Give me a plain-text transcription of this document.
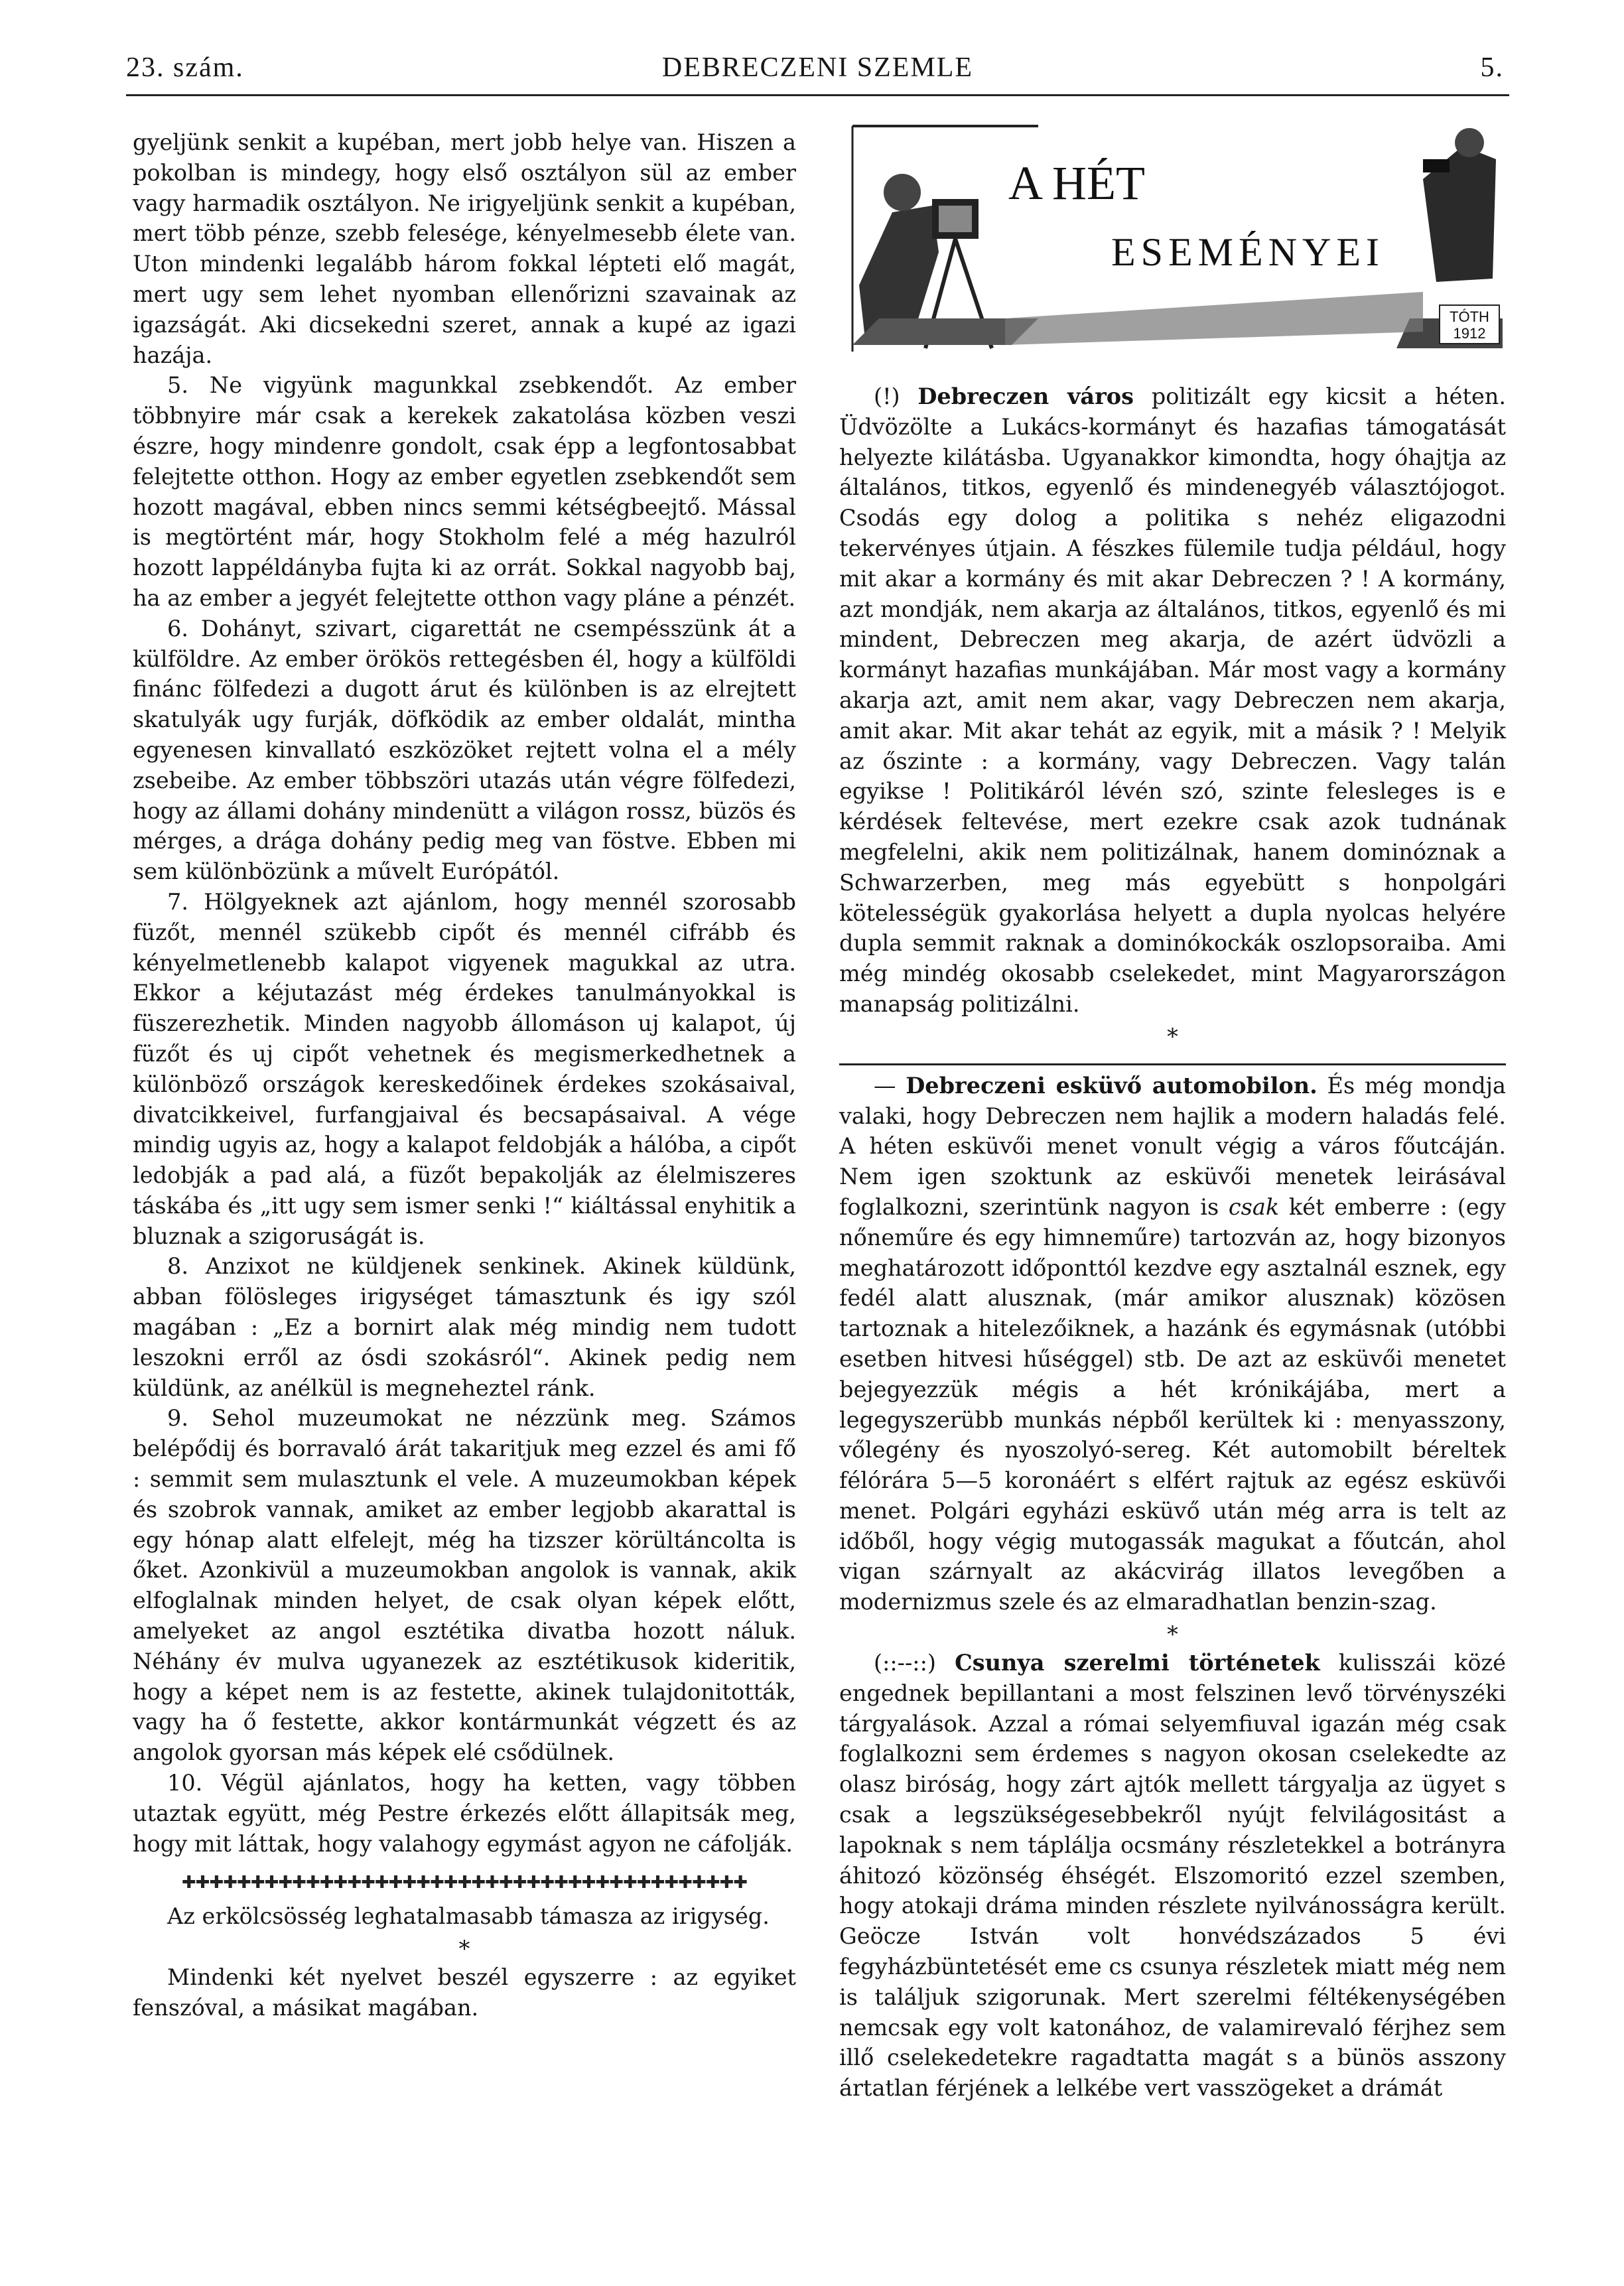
23. szám.	DEBRECZENI SZEMLE	5.

gyeljünk senkit a kupéban, mert jobb helye van. Hiszen a pokolban is mindegy, hogy első osztályon sül az ember vagy harmadik osztályon. Ne irigyeljünk senkit a kupéban, mert több pénze, szebb felesége, kényelmesebb élete van. Uton mindenki legalább három fokkal lépteti elő magát, mert ugy sem lehet nyomban ellenőrizni szavainak az igazságát. Aki dicsekedni szeret, annak a kupé az igazi hazája.

5. Ne vigyünk magunkkal zsebkendőt. Az ember többnyire már csak a kerekek zakatolása közben veszi észre, hogy mindenre gondolt, csak épp a legfontosabbat felejtette otthon. Hogy az ember egyetlen zsebkendőt sem hozott magával, ebben nincs semmi kétségbeejtő. Mással is megtörtént már, hogy Stokholm felé a még hazulról hozott lappéldányba fujta ki az orrát. Sokkal nagyobb baj, ha az ember a jegyét felejtette otthon vagy pláne a pénzét.

6. Dohányt, szivart, cigarettát ne csempésszünk át a külföldre. Az ember örökös rettegésben él, hogy a külföldi finánc fölfedezi a dugott árut és különben is az elrejtett skatulyák ugy furják, döfködik az ember oldalát, mintha egyenesen kinvallató eszközöket rejtett volna el a mély zsebeibe. Az ember többszöri utazás után végre fölfedezi, hogy az állami dohány mindenütt a világon rossz, büzös és mérges, a drága dohány pedig meg van föstve. Ebben mi sem különbözünk a művelt Európától.

7. Hölgyeknek azt ajánlom, hogy mennél szorosabb füzőt, mennél szükebb cipőt és mennél cifrább és kényelmetlenebb kalapot vigyenek magukkal az utra. Ekkor a kéjutazást még érdekes tanulmányokkal is füszerezhetik. Minden nagyobb állomáson uj kalapot, új füzőt és uj cipőt vehetnek és megismerkedhetnek a különböző országok kereskedőinek érdekes szokásaival, divatcikkeivel, furfangjaival és becsapásaival. A vége mindig ugyis az, hogy a kalapot feldobják a hálóba, a cipőt ledobják a pad alá, a füzőt bepakolják az élelmiszeres táskába és „itt ugy sem ismer senki !“ kiáltással enyhitik a bluznak a szigoruságát is.

8. Anzixot ne küldjenek senkinek. Akinek küldünk, abban fölösleges irigységet támasztunk és igy szól magában : „Ez a bornirt alak még mindig nem tudott leszokni erről az ósdi szokásról“. Akinek pedig nem küldünk, az anélkül is megneheztel ránk.

9. Sehol muzeumokat ne nézzünk meg. Számos belépődij és borravaló árát takaritjuk meg ezzel és ami fő : semmit sem mulasztunk el vele. A muzeumokban képek és szobrok vannak, amiket az ember legjobb akarattal is egy hónap alatt elfelejt, még ha tizszer körültáncolta is őket. Azonkivül a muzeumokban angolok is vannak, akik elfoglalnak minden helyet, de csak olyan képek előtt, amelyeket az angol esztétika divatba hozott náluk. Néhány év mulva ugyanezek az esztétikusok kideritik, hogy a képet nem is az festette, akinek tulajdonitották, vagy ha ő festette, akkor kontármunkát végzett és az angolok gyorsan más képek elé csődülnek.

10. Végül ajánlatos, hogy ha ketten, vagy többen utaztak együtt, még Pestre érkezés előtt állapitsák meg, hogy mit láttak, hogy valahogy egymást agyon ne cáfolják.

✚✚✚✚✚✚✚✚✚✚✚✚✚✚✚✚✚✚✚✚✚✚✚✚✚✚✚✚✚✚✚✚✚✚✚✚✚✚✚✚✚

Az erkölcsösség leghatalmasabb támasza az irigység.

*

Mindenki két nyelvet beszél egyszerre : az egyiket fenszóval, a másikat magában.

A HÉT
ESEMÉNYEI
TÓTH
1912

(!) Debreczen város politizált egy kicsit a héten. Üdvözölte a Lukács-kormányt és hazafias támogatását helyezte kilátásba. Ugyanakkor kimondta, hogy óhajtja az általános, titkos, egyenlő és mindenegyéb választójogot. Csodás egy dolog a politika s nehéz eligazodni tekervényes útjain. A fészkes fülemile tudja például, hogy mit akar a kormány és mit akar Debreczen ? ! A kormány, azt mondják, nem akarja az általános, titkos, egyenlő és mi mindent, Debreczen meg akarja, de azért üdvözli a kormányt hazafias munkájában. Már most vagy a kormány akarja azt, amit nem akar, vagy Debreczen nem akarja, amit akar. Mit akar tehát az egyik, mit a másik ? ! Melyik az őszinte : a kormány, vagy Debreczen. Vagy talán egyikse ! Politikáról lévén szó, szinte felesleges is e kérdések feltevése, mert ezekre csak azok tudnának megfelelni, akik nem politizálnak, hanem dominóznak a Schwarzerben, meg más egyebütt s honpolgári kötelességük gyakorlása helyett a dupla nyolcas helyére dupla semmit raknak a dominókockák oszlopsoraiba. Ami még mindég okosabb cselekedet, mint Magyarországon manapság politizálni.

*

— Debreczeni esküvő automobilon. És még mondja valaki, hogy Debreczen nem hajlik a modern haladás felé. A héten esküvői menet vonult végig a város főutcáján. Nem igen szoktunk az esküvői menetek leirásával foglalkozni, szerintünk nagyon is csak két emberre : (egy nőneműre és egy himneműre) tartozván az, hogy bizonyos meghatározott időponttól kezdve egy asztalnál esznek, egy fedél alatt alusznak, (már amikor alusznak) közösen tartoznak a hitelezőiknek, a hazánk és egymásnak (utóbbi esetben hitvesi hűséggel) stb. De azt az esküvői menetet bejegyezzük mégis a hét krónikájába, mert a legegyszerübb munkás népből kerültek ki : menyasszony, vőlegény és nyoszolyó-sereg. Két automobilt béreltek félórára 5—5 koronáért s elfért rajtuk az egész esküvői menet. Polgári egyházi esküvő után még arra is telt az időből, hogy végig mutogassák magukat a főutcán, ahol vigan szárnyalt az akácvirág illatos levegőben a modernizmus szele és az elmaradhatlan benzin-szag.

*

(::--::) Csunya szerelmi történetek kulisszái közé engednek bepillantani a most felszinen levő törvényszéki tárgyalások. Azzal a római selyemfiuval igazán még csak foglalkozni sem érdemes s nagyon okosan cselekedte az olasz biróság, hogy zárt ajtók mellett tárgyalja az ügyet s csak a legszükségesebbekről nyújt felvilágositást a lapoknak s nem táplálja ocsmány részletekkel a botrányra áhitozó közönség éhségét. Elszomoritó ezzel szemben, hogy atokaji dráma minden részlete nyilvánosságra került. Geöcze István volt honvédszázados 5 évi fegyházbüntetését eme cs csunya részletek miatt még nem is találjuk szigorunak. Mert szerelmi féltékenységében nemcsak egy volt katonához, de valamirevaló férjhez sem illő cselekedetekre ragadtatta magát s a bünös asszony ártatlan férjének a lelkébe vert vasszögeket a drámát
